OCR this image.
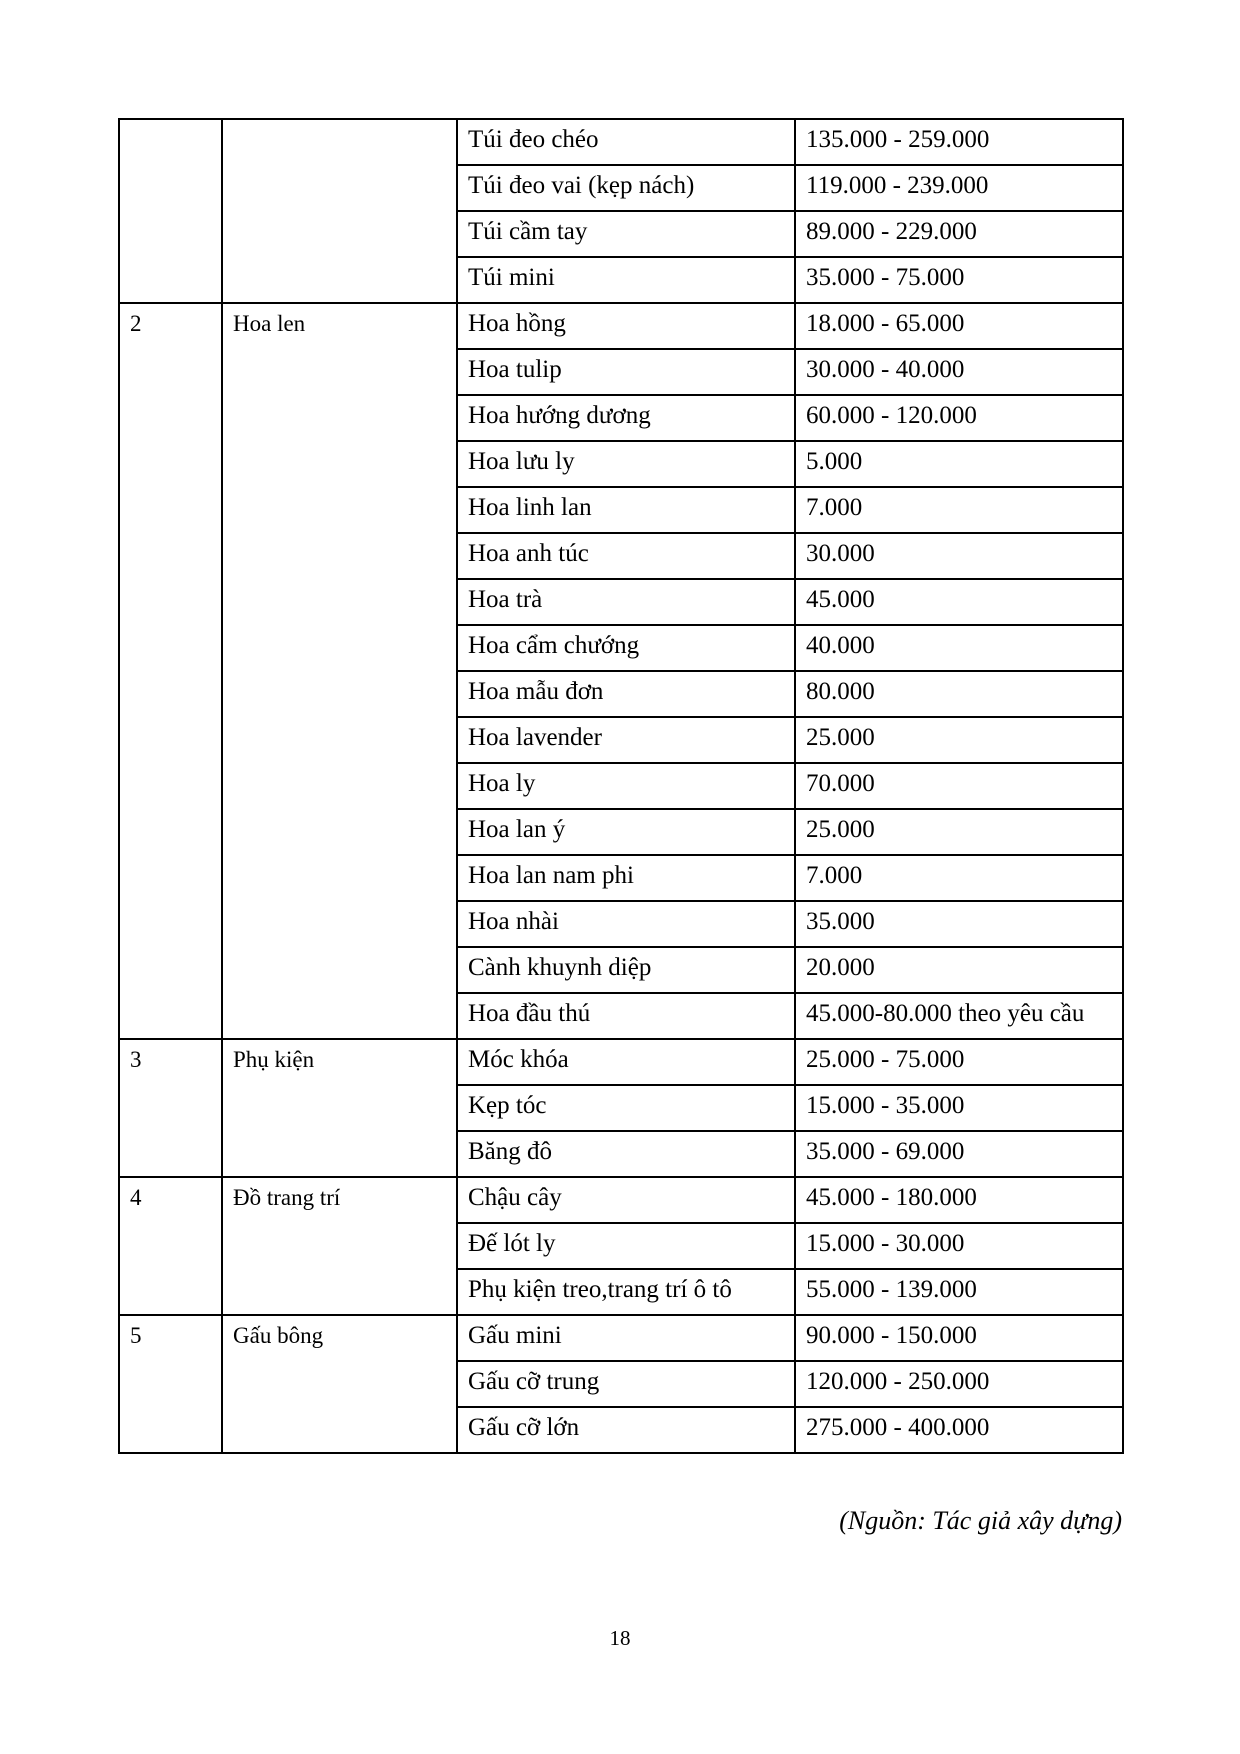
		Túi đeo chéo	135.000 - 259.000
		Túi đeo vai (kẹp nách)	119.000 - 239.000
		Túi cầm tay	89.000 - 229.000
		Túi mini	35.000 - 75.000
2	Hoa len	Hoa hồng	18.000 - 65.000
		Hoa tulip	30.000 - 40.000
		Hoa hướng dương	60.000 - 120.000
		Hoa lưu ly	5.000
		Hoa linh lan	7.000
		Hoa anh túc	30.000
		Hoa trà	45.000
		Hoa cẩm chướng	40.000
		Hoa mẫu đơn	80.000
		Hoa lavender	25.000
		Hoa ly	70.000
		Hoa lan ý	25.000
		Hoa lan nam phi	7.000
		Hoa nhài	35.000
		Cành khuynh diệp	20.000
		Hoa đầu thú	45.000-80.000 theo yêu cầu
3	Phụ kiện	Móc khóa	25.000 - 75.000
		Kẹp tóc	15.000 - 35.000
		Băng đô	35.000 - 69.000
4	Đồ trang trí	Chậu cây	45.000 - 180.000
		Đế lót ly	15.000 - 30.000
		Phụ kiện treo,trang trí ô tô	55.000 - 139.000
5	Gấu bông	Gấu mini	90.000 - 150.000
		Gấu cỡ trung	120.000 - 250.000
		Gấu cỡ lớn	275.000 - 400.000
(Nguồn: Tác giả xây dựng)
18
